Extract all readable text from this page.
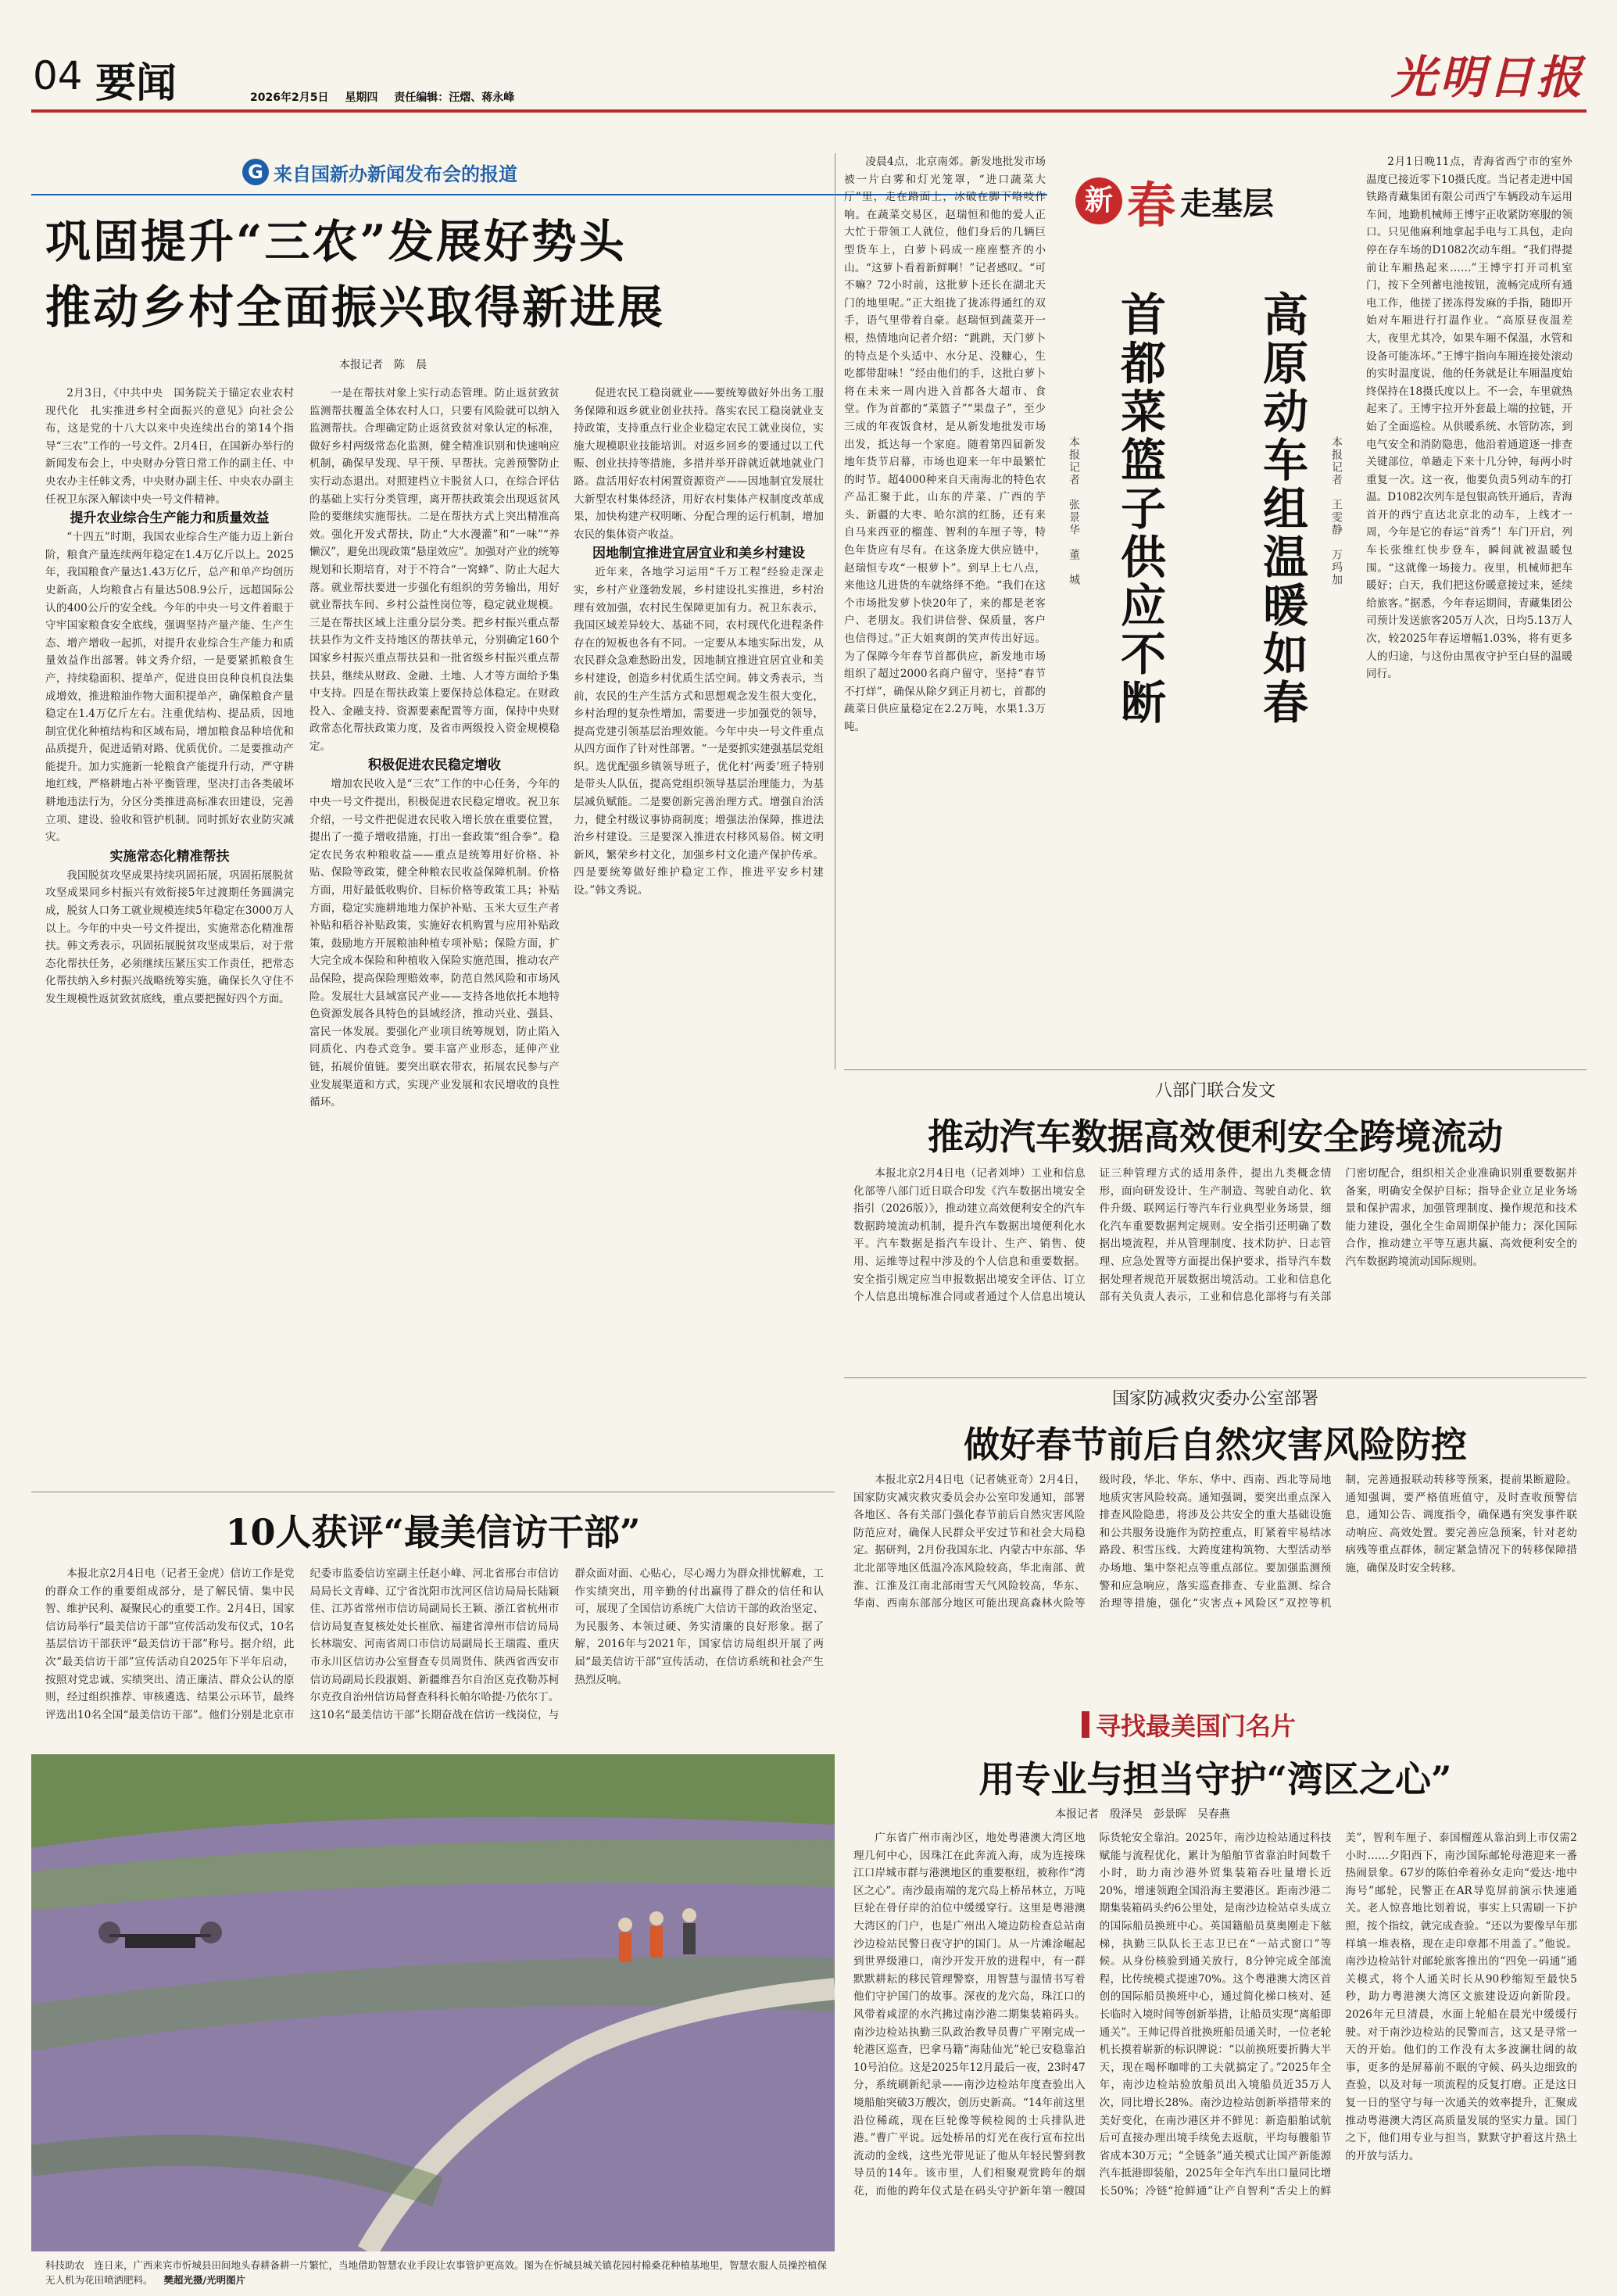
04 要闻	2026年2月5日 星期四 责任编辑：汪熠、蒋永峰	光明日报
G 来自国新办新闻发布会的报道
巩固提升“三农”发展好势头
推动乡村全面振兴取得新进展
本报记者　陈　晨

2月3日，《中共中央　国务院关于锚定农业农村现代化　扎实推进乡村全面振兴的意见》向社会公布，这是党的十八大以来中央连续出台的第14个指导“三农”工作的一号文件。2月4日，在国新办举行的新闻发布会上，中央财办分管日常工作的副主任、中央农办主任韩文秀，中央财办副主任、中央农办副主任祝卫东深入解读中央一号文件精神。

提升农业综合生产能力和质量效益

“十四五”时期，我国农业综合生产能力迈上新台阶，粮食产量连续两年稳定在1.4万亿斤以上。2025年，我国粮食产量达1.43万亿斤，总产和单产均创历史新高，人均粮食占有量达508.9公斤，远超国际公认的400公斤的安全线。今年的中央一号文件着眼于守牢国家粮食安全底线，强调坚持产量产能、生产生态、增产增收一起抓，对提升农业综合生产能力和质量效益作出部署。韩文秀介绍，一是要紧抓粮食生产，持续稳面积、提单产，促进良田良种良机良法集成增效，推进粮油作物大面积提单产，确保粮食产量稳定在1.4万亿斤左右。注重优结构、提品质，因地制宜优化种植结构和区域布局，增加粮食品种培优和品质提升，促进适销对路、优质优价。二是要推动产能提升。加力实施新一轮粮食产能提升行动，严守耕地红线，严格耕地占补平衡管理，坚决打击各类破坏耕地违法行为，分区分类推进高标准农田建设，完善立项、建设、验收和管护机制。同时抓好农业防灾减灾。

实施常态化精准帮扶

我国脱贫攻坚成果持续巩固拓展，巩固拓展脱贫攻坚成果同乡村振兴有效衔接5年过渡期任务圆满完成，脱贫人口务工就业规模连续5年稳定在3000万人以上。今年的中央一号文件提出，实施常态化精准帮扶。韩文秀表示，巩固拓展脱贫攻坚成果后，对于常态化帮扶任务，必须继续压紧压实工作责任，把常态化帮扶纳入乡村振兴战略统筹实施，确保长久守住不发生规模性返贫致贫底线，重点要把握好四个方面。

一是在帮扶对象上实行动态管理。防止返贫致贫监测帮扶覆盖全体农村人口，只要有风险就可以纳入监测帮扶。合理确定防止返贫致贫对象认定的标准，做好乡村两级常态化监测，健全精准识别和快速响应机制，确保早发现、早干预、早帮扶。完善预警防止实行动态退出。对照建档立卡脱贫人口，在综合评估的基础上实行分类管理，离开帮扶政策会出现返贫风险的要继续实施帮扶。二是在帮扶方式上突出精准高效。强化开发式帮扶，防止“大水漫灌”和“一味”“养懒汉”，避免出现政策“悬崖效应”。加强对产业的统筹规划和长期培育，对于不符合“一窝蜂”、防止大起大落。就业帮扶要进一步强化有组织的劳务输出，用好就业帮扶车间、乡村公益性岗位等，稳定就业规模。三是在帮扶区域上注重分层分类。把乡村振兴重点帮扶县作为文件支持地区的帮扶单元，分别确定160个国家乡村振兴重点帮扶县和一批省级乡村振兴重点帮扶县，继续从财政、金融、土地、人才等方面给予集中支持。四是在帮扶政策上要保持总体稳定。在财政投入、金融支持、资源要素配置等方面，保持中央财政常态化帮扶政策力度，及省市两级投入资金规模稳定。

积极促进农民稳定增收

增加农民收入是“三农”工作的中心任务，今年的中央一号文件提出，积极促进农民稳定增收。祝卫东介绍，一号文件把促进农民收入增长放在重要位置，提出了一揽子增收措施，打出一套政策“组合拳”。稳定农民务农种粮收益——重点是统筹用好价格、补贴、保险等政策，健全种粮农民收益保障机制。价格方面，用好最低收购价、目标价格等政策工具；补贴方面，稳定实施耕地地力保护补贴、玉米大豆生产者补贴和稻谷补贴政策，实施好农机购置与应用补贴政策，鼓励地方开展粮油种植专项补贴；保险方面，扩大完全成本保险和种植收入保险实施范围，推动农产品保险，提高保险理赔效率，防范自然风险和市场风险。发展壮大县域富民产业——支持各地依托本地特色资源发展各具特色的县域经济，推动兴业、强县、富民一体发展。要强化产业项目统筹规划，防止陷入同质化、内卷式竞争。要丰富产业形态，延伸产业链，拓展价值链。要突出联农带农，拓展农民参与产业发展渠道和方式，实现产业发展和农民增收的良性循环。

促进农民工稳岗就业——要统筹做好外出务工服务保障和返乡就业创业扶持。落实农民工稳岗就业支持政策，支持重点行业企业稳定农民工就业岗位，实施大规模职业技能培训。对返乡回乡的要通过以工代赈、创业扶持等措施，多措并举开辟就近就地就业门路。盘活用好农村闲置资源资产——因地制宜发展壮大新型农村集体经济，用好农村集体产权制度改革成果，加快构建产权明晰、分配合理的运行机制，增加农民的集体资产收益。

因地制宜推进宜居宜业和美乡村建设

近年来，各地学习运用“千万工程”经验走深走实，乡村产业蓬勃发展，乡村建设扎实推进，乡村治理有效加强，农村民生保障更加有力。祝卫东表示，我国区域差异较大、基础不同，农村现代化进程条件存在的短板也各有不同。一定要从本地实际出发，从农民群众急难愁盼出发，因地制宜推进宜居宜业和美乡村建设，创造乡村优质生活空间。韩文秀表示，当前，农民的生产生活方式和思想观念发生很大变化，乡村治理的复杂性增加，需要进一步加强党的领导，提高党建引领基层治理效能。今年中央一号文件重点从四方面作了针对性部署。“一是要抓实建强基层党组织。选优配强乡镇领导班子，优化村‘两委’班子特别是带头人队伍，提高党组织领导基层治理能力，为基层减负赋能。二是要创新完善治理方式。增强自治活力，健全村级议事协商制度；增强法治保障，推进法治乡村建设。三是要深入推进农村移风易俗。树文明新风，繁荣乡村文化，加强乡村文化遗产保护传承。四是要统筹做好维护稳定工作，推进平安乡村建设。”韩文秀说。

凌晨4点，北京南郊。新发地批发市场被一片白雾和灯光笼罩，“进口蔬菜大厅”里，走在路面上，冰破在脚下咯吱作响。在蔬菜交易区，赵瑞恒和他的爱人正大忙于带领工人就位，他们身后的几辆巨型货车上，白萝卜码成一座座整齐的小山。“这萝卜看着新鲜啊！”记者感叹。“可不嘛？72小时前，这批萝卜还长在湖北天门的地里呢。”正大组拢了拢冻得通红的双手，语气里带着自豪。赵瑞恒到蔬菜开一根，热情地向记者介绍：“跳跳，天门萝卜的特点是个头适中、水分足、没糠心，生吃都带甜味！”经由他们的手，这批白萝卜将在未来一周内进入首都各大超市、食堂。作为首都的“菜篮子”“果盘子”，至少三成的年夜饭食材，是从新发地批发市场出发，抵达每一个家庭。随着第四届新发地年货节启幕，市场也迎来一年中最繁忙的时节。超4000种来自天南海北的特色农产品汇聚于此，山东的芹菜、广西的芋头、新疆的大枣、哈尔滨的红肠，还有来自马来西亚的榴莲、智利的车厘子等，特色年货应有尽有。在这条庞大供应链中，赵瑞恒专攻“一根萝卜”。到早上七八点，来他这儿进货的车就络绎不绝。“我们在这个市场批发萝卜快20年了，来的都是老客户、老朋友。我们讲信誉、保质量，客户也信得过。”正大姐爽朗的笑声传出好远。为了保障今年春节首都供应，新发地市场组织了超过2000名商户留守，坚持“春节不打烊”，确保从除夕到正月初七，首都的蔬菜日供应量稳定在2.2万吨，水果1.3万吨。

新 春 走基层
首都菜篮子供应不断
本报记者　张景华　董　城	高原动车组温暖如春	本报记者　王雯静　万玛加

2月1日晚11点，青海省西宁市的室外温度已接近零下10摄氏度。当记者走进中国铁路青藏集团有限公司西宁车辆段动车运用车间，地勤机械师王博宇正收紧防寒服的领口。只见他麻利地拿起手电与工具包，走向停在存车场的D1082次动车组。“我们得提前让车厢热起来……”王博宇打开司机室门，按下全列蓄电池按钮，流畅完成所有通电工作，他搓了搓冻得发麻的手指，随即开始对车厢进行打温作业。“高原昼夜温差大，夜里尤其冷，如果车厢不保温，水管和设备可能冻坏。”王博宇指向车厢连接处滚动的实时温度说，他的任务就是让车厢温度始终保持在18摄氏度以上。不一会，车里就热起来了。王博宇拉开外套最上端的拉链，开始了全面巡检。从供暖系统、水管防冻，到电气安全和消防隐患，他沿着通道逐一排查关键部位，单趟走下来十几分钟，每两小时重复一次。这一夜，他要负责5列动车的打温。D1082次列车是包银高铁开通后，青海首开的西宁直达北京北的动车，上线才一周，今年是它的春运“首秀”！车门开启，列车长张维红快步登车，瞬间就被温暖包围。“这就像一场接力。夜里，机械师把车暖好；白天，我们把这份暖意接过来，延续给旅客。”据悉，今年春运期间，青藏集团公司预计发送旅客205万人次，日均5.13万人次，较2025年春运增幅1.03%，将有更多人的归途，与这份由黑夜守护至白昼的温暖同行。

八部门联合发文
推动汽车数据高效便利安全跨境流动

本报北京2月4日电（记者刘坤）工业和信息化部等八部门近日联合印发《汽车数据出境安全指引（2026版）》，推动建立高效便利安全的汽车数据跨境流动机制，提升汽车数据出境便利化水平。汽车数据是指汽车设计、生产、销售、使用、运维等过程中涉及的个人信息和重要数据。安全指引规定应当申报数据出境安全评估、订立个人信息出境标准合同或者通过个人信息出境认证三种管理方式的适用条件，提出九类概念情形，面向研发设计、生产制造、驾驶自动化、软件升级、联网运行等汽车行业典型业务场景，细化汽车重要数据判定规则。安全指引还明确了数据出境流程，并从管理制度、技术防护、日志管理、应急处置等方面提出保护要求，指导汽车数据处理者规范开展数据出境活动。工业和信息化部有关负责人表示，工业和信息化部将与有关部门密切配合，组织相关企业准确识别重要数据并备案，明确安全保护目标；指导企业立足业务场景和保护需求，加强管理制度、操作规范和技术能力建设，强化全生命周期保护能力；深化国际合作，推动建立平等互惠共赢、高效便利安全的汽车数据跨境流动国际规则。

国家防减救灾委办公室部署
做好春节前后自然灾害风险防控

本报北京2月4日电（记者姚亚奇）2月4日，国家防灾减灾救灾委员会办公室印发通知，部署各地区、各有关部门强化春节前后自然灾害风险防范应对，确保人民群众平安过节和社会大局稳定。据研判，2月份我国东北、内蒙古中东部、华北北部等地区低温冷冻风险较高，华北南部、黄淮、江淮及江南北部雨雪天气风险较高，华东、华南、西南东部部分地区可能出现高森林火险等级时段，华北、华东、华中、西南、西北等局地地质灾害风险较高。通知强调，要突出重点深入排查风险隐患，将涉及公共安全的重大基础设施和公共服务设施作为防控重点，盯紧着牢易结冰路段、积雪压线、大跨度建构筑物、大型活动举办场地、集中祭祀点等重点部位。要加强监测预警和应急响应，落实巡查排查、专业监测、综合治理等措施，强化“灾害点+风险区”双控等机制，完善通报联动转移等预案，提前果断避险。通知强调，要严格值班值守，及时查收预警信息，通知公告、调度指令，确保遇有突发事件联动响应、高效处置。要完善应急预案，针对老幼病残等重点群体，制定紧急情况下的转移保障措施，确保及时安全转移。

10人获评“最美信访干部”

本报北京2月4日电（记者王金虎）信访工作是党的群众工作的重要组成部分，是了解民情、集中民智、维护民利、凝聚民心的重要工作。2月4日，国家信访局举行“最美信访干部”宣传活动发布仪式，10名基层信访干部获评“最美信访干部”称号。据介绍，此次“最美信访干部”宣传活动自2025年下半年启动，按照对党忠诚、实绩突出、清正廉洁、群众公认的原则，经过组织推荐、审核遴选、结果公示环节，最终评选出10名全国“最美信访干部”。他们分别是北京市纪委市监委信访室副主任赵小峰、河北省邢台市信访局局长文青峰、辽宁省沈阳市沈河区信访局局长陆颖佳、江苏省常州市信访局副局长王颖、浙江省杭州市信访局复查复核处处长崔欣、福建省漳州市信访局局长林瑞安、河南省周口市信访局副局长王瑞霞、重庆市永川区信访办公室督查专员周贤伟、陕西省西安市信访局副局长段淑娟、新疆维吾尔自治区克孜勒苏柯尔克孜自治州信访局督查科科长帕尔哈提·乃依尔丁。这10名“最美信访干部”长期奋战在信访一线岗位，与群众面对面、心贴心，尽心竭力为群众排忧解难，工作实绩突出，用辛勤的付出赢得了群众的信任和认可，展现了全国信访系统广大信访干部的政治坚定、为民服务、本领过硬、务实清廉的良好形象。据了解，2016年与2021年，国家信访局组织开展了两届“最美信访干部”宣传活动，在信访系统和社会产生热烈反响。

科技助农　连日来，广西来宾市忻城县田间地头春耕备耕一片繁忙，当地借助智慧农业手段让农事管护更高效。图为在忻城县城关镇花园村棉桑花种植基地里，智慧农服人员操控植保无人机为花田喷洒肥料。 樊超光摄/光明图片
寻找最美国门名片
用专业与担当守护“湾区之心”
本报记者　殷泽昊　彭景晖　吴春燕

广东省广州市南沙区，地处粤港澳大湾区地理几何中心，因珠江在此奔流入海，成为连接珠江口岸城市群与港澳地区的重要枢纽，被称作“湾区之心”。南沙最南端的龙穴岛上桥吊林立，万吨巨轮在骨仔岸的泊位中缓缓穿行。这里是粤港澳大湾区的门户，也是广州出入境边防检查总站南沙边检站民警日夜守护的国门。从一片滩涂崛起到世界级港口，南沙开发开放的进程中，有一群默默耕耘的移民管理警察，用智慧与温情书写着他们守护国门的故事。深夜的龙穴岛，珠江口的风带着咸涩的水汽拂过南沙港二期集装箱码头。南沙边检站执勤三队政治教导员曹广平刚完成一轮港区巡查，巴拿马籍“海陆仙光”轮已安稳靠泊10号泊位。这是2025年12月最后一夜，23时47分，系统刷新纪录——南沙边检站年度查验出入境船舶突破3万艘次，创历史新高。“14年前这里沿位稀疏，现在巨轮像等候检阅的士兵排队进港。”曹广平说。远处桥吊的灯光在夜行宣布拉出流动的金线，这些光带见证了他从年轻民警到教导员的14年。该市里，人们相聚观赏跨年的烟花，而他的跨年仪式是在码头守护新年第一艘国际货轮安全靠泊。2025年，南沙边检站通过科技赋能与流程优化，累计为船舶节省靠泊时间数千小时，助力南沙港外贸集装箱吞吐量增长近20%，增速领跑全国沿海主要港区。距南沙港二期集装箱码头约6公里处，是南沙边检站卓头成立的国际船员换班中心。英国籍船员莫奥刚走下舷梯，执勤三队队长王志卫已在“一站式窗口”等候。从身份核验到通关放行，8分钟完成全部流程，比传统模式提速70%。这个粤港澳大湾区首创的国际船员换班中心，通过简化梯口核对、延长临时入境时间等创新举措，让船员实现“离船即通关”。王帅记得首批换班船员通关时，一位老轮机长摸着崭新的标识牌说：“以前换班要折腾大半天，现在喝杯咖啡的工夫就搞定了。”2025年全年，南沙边检站验放船员出入境船员近35万人次，同比增长28%。南沙边检站创新举措带来的美好变化，在南沙港区并不鲜见：新造船舶试航后可直接办理出境手续免去返航，平均每艘船节省成本30万元；“全链条”通关模式让国产新能源汽车抵港即装船，2025年全年汽车出口量同比增长50%；冷链“抢鲜通”让产自智利“舌尖上的鲜美”，智利车厘子、泰国榴莲从靠泊到上市仅需2小时……夕阳西下，南沙国际邮轮母港迎来一番热闹景象。67岁的陈伯牵着孙女走向“爱达·地中海号”邮轮，民警正在AR导览屏前演示快速通关。老人惊喜地比划着说，事实上只需刷一下护照，按个指纹，就完成查验。“还以为要像早年那样填一堆表格，现在走印章都不用盖了。”他说。南沙边检站针对邮轮旅客推出的“四免一码通”通关模式，将个人通关时长从90秒缩短至最快5秒，助力粤港澳大湾区文旅建设迈向新阶段。2026年元旦清晨，水面上轮船在晨光中缓缓行驶。对于南沙边检站的民警而言，这又是寻常一天的开始。他们的工作没有太多波澜壮阔的故事，更多的是屏幕前不眠的守候、码头边细致的查验，以及对每一项流程的反复打磨。正是这日复一日的坚守与每一次通关的效率提升，汇聚成推动粤港澳大湾区高质量发展的坚实力量。国门之下，他们用专业与担当，默默守护着这片热土的开放与活力。
